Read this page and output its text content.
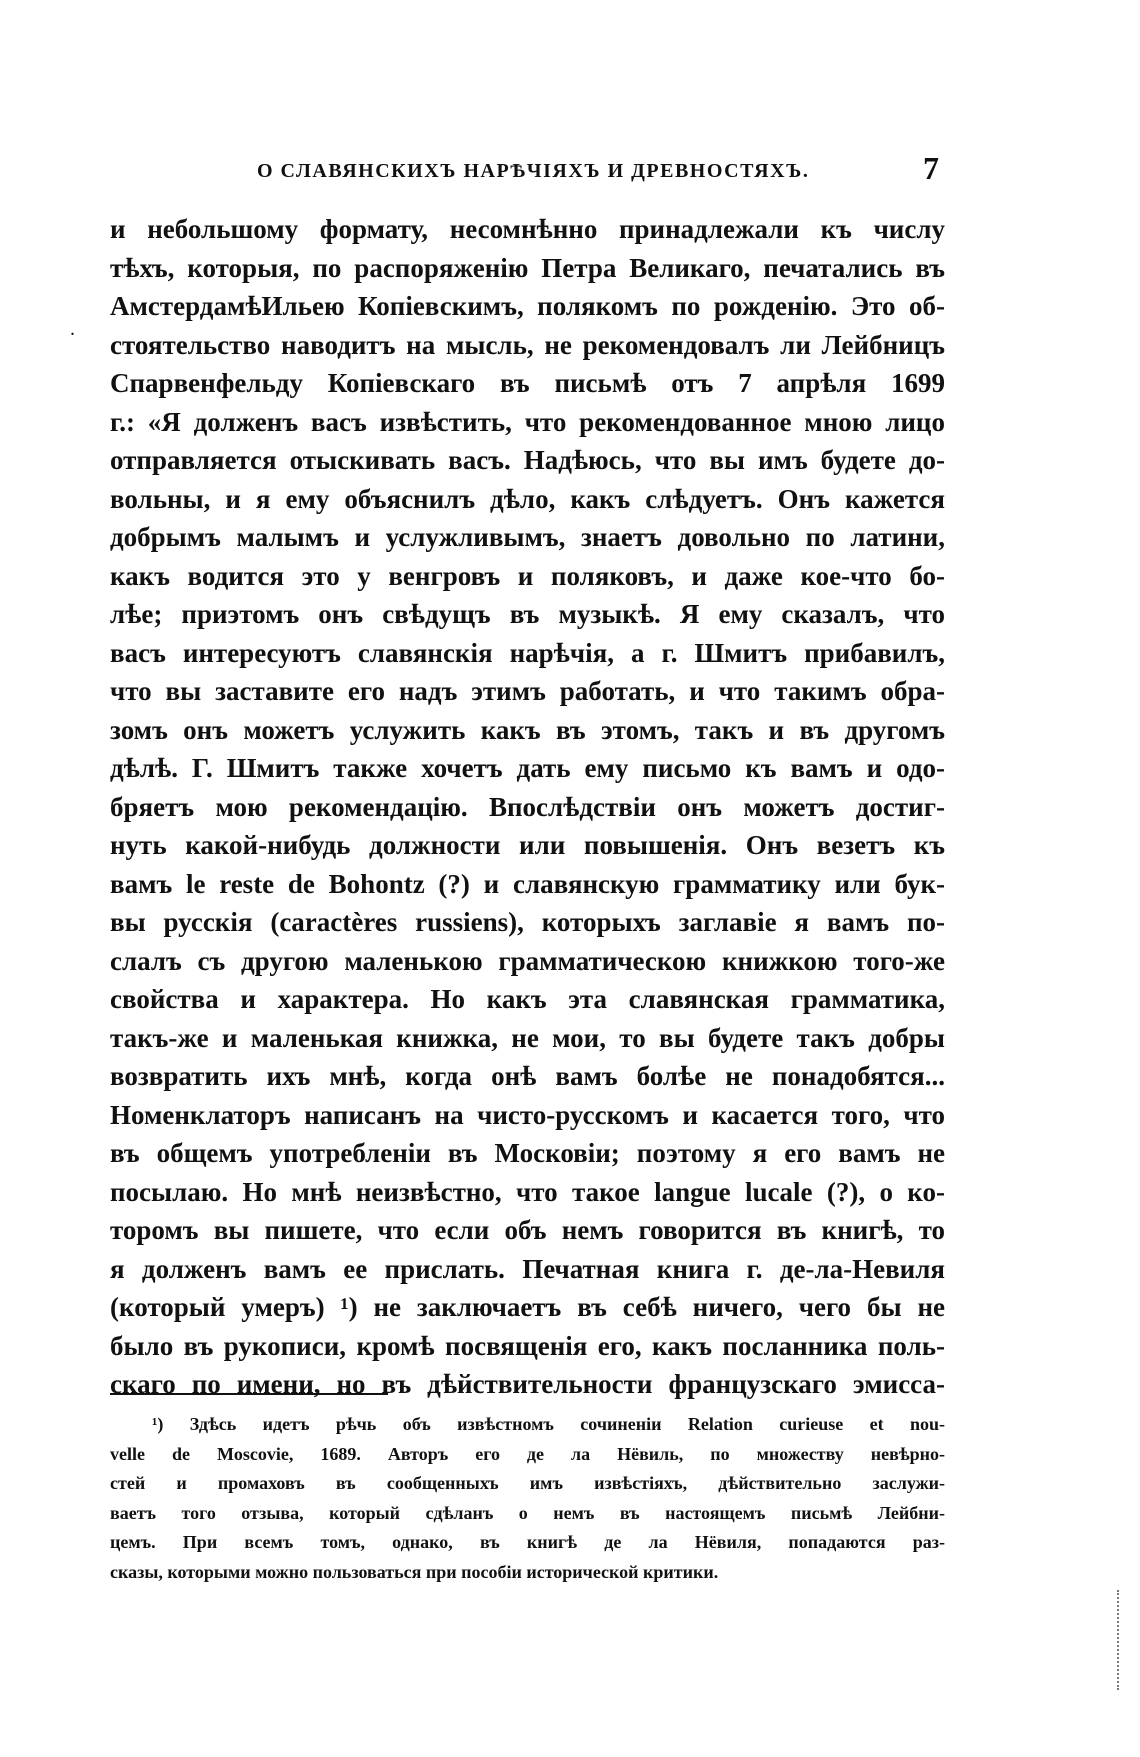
.
О СЛАВЯНСКИХЪ НАРѢЧІЯХЪ И ДРЕВНОСТЯХЪ.	7
и небольшому формату, несомнѣнно принадлежали къ числу
тѣхъ, которыя, по распоряженію Петра Великаго, печатались въ
АмстердамѣИльею Копіевскимъ, полякомъ по рожденію. Это об-
стоятельство наводитъ на мысль, не рекомендовалъ ли Лейбницъ
Спарвенфельду Копіевскаго въ письмѣ отъ 7 апрѣля 1699
г.: «Я долженъ васъ извѣстить, что рекомендованное мною лицо
отправляется отыскивать васъ. Надѣюсь, что вы имъ будете до-
вольны, и я ему объяснилъ дѣло, какъ слѣдуетъ. Онъ кажется
добрымъ малымъ и услужливымъ, знаетъ довольно по латини,
какъ водится это у венгровъ и поляковъ, и даже кое-что бо-
лѣе; приэтомъ онъ свѣдущъ въ музыкѣ. Я ему сказалъ, что
васъ интересуютъ славянскія нарѣчія, а г. Шмитъ прибавилъ,
что вы заставите его надъ этимъ работать, и что такимъ обра-
зомъ онъ можетъ услужить какъ въ этомъ, такъ и въ другомъ
дѣлѣ. Г. Шмитъ также хочетъ дать ему письмо къ вамъ и одо-
бряетъ мою рекомендацію. Впослѣдствіи онъ можетъ достиг-
нуть какой-нибудь должности или повышенія. Онъ везетъ къ
вамъ le reste de Bohontz (?) и славянскую грамматику или бук-
вы русскія (caractères russiens), которыхъ заглавіе я вамъ по-
слалъ съ другою маленькою грамматическою книжкою того-же
свойства и характера. Но какъ эта славянская грамматика,
такъ-же и маленькая книжка, не мои, то вы будете такъ добры
возвратить ихъ мнѣ, когда онѣ вамъ болѣе не понадобятся...
Номенклаторъ написанъ на чисто-русскомъ и касается того, что
въ общемъ употребленіи въ Московіи; поэтому я его вамъ не
посылаю. Но мнѣ неизвѣстно, что такое langue lucale (?), о ко-
торомъ вы пишете, что если объ немъ говорится въ книгѣ, то
я долженъ вамъ ее прислать. Печатная книга г. де-ла-Невиля
(который умеръ) ¹) не заключаетъ въ себѣ ничего, чего бы не
было въ рукописи, кромѣ посвященія его, какъ посланника поль-
скаго по имени, но въ дѣйствительности французскаго эмисса-
¹) Здѣсь идетъ рѣчь объ извѣстномъ сочиненіи Relation curieuse et nou-
velle de Moscovie, 1689. Авторъ его де ла Нёвиль, по множеству невѣрно-
стей и промаховъ въ сообщенныхъ имъ извѣстіяхъ, дѣйствительно заслужи-
ваетъ того отзыва, который сдѣланъ о немъ въ настоящемъ письмѣ Лейбни-
цемъ. При всемъ томъ, однако, въ книгѣ де ла Нёвиля, попадаются раз-
сказы, которыми можно пользоваться при пособіи исторической критики.
